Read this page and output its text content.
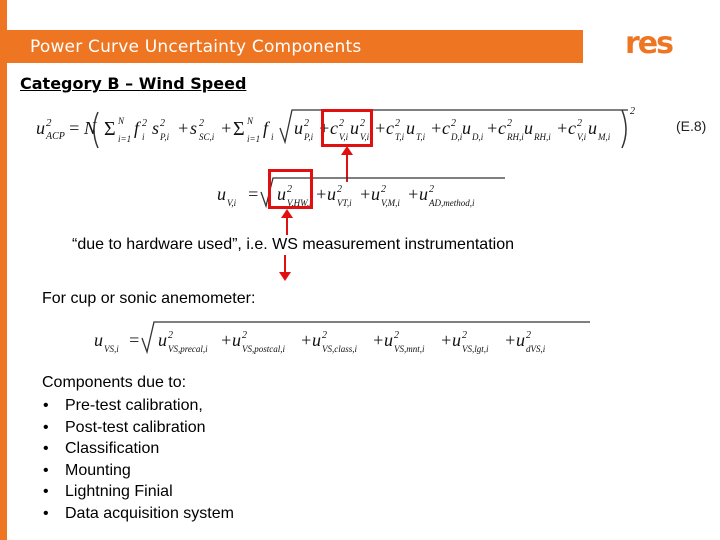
Power Curve Uncertainty Components	res
Category B – Wind Speed
u 2
ACP = N Σ N
i=1
f 2
i s 2
P,i + s 2
SC,i + Σ N
i=1
f i u 2
P,i + c 2
V,i u 2
V,i + c 2
T,i u T,i + c 2
D,i u D,i + c 2
RH,i u RH,i + c 2
V,i u M,i
2
(E.8)
u V,i = u 2
V,HW,i + u 2
VT,i + u 2
V,M,i + u 2
AD,method,i
“due to hardware used”, i.e. WS measurement instrumentation
For cup or sonic anemometer:
u VS,i = u 2
VS,precal,i + u 2
VS,postcal,i + u 2
VS,class,i + u 2
VS,mnt,i + u 2
VS,lgt,i + u 2
dVS,i
Components due to:
• Pre-test calibration,
• Post-test calibration
• Classification
• Mounting
• Lightning Finial
• Data acquisition system
